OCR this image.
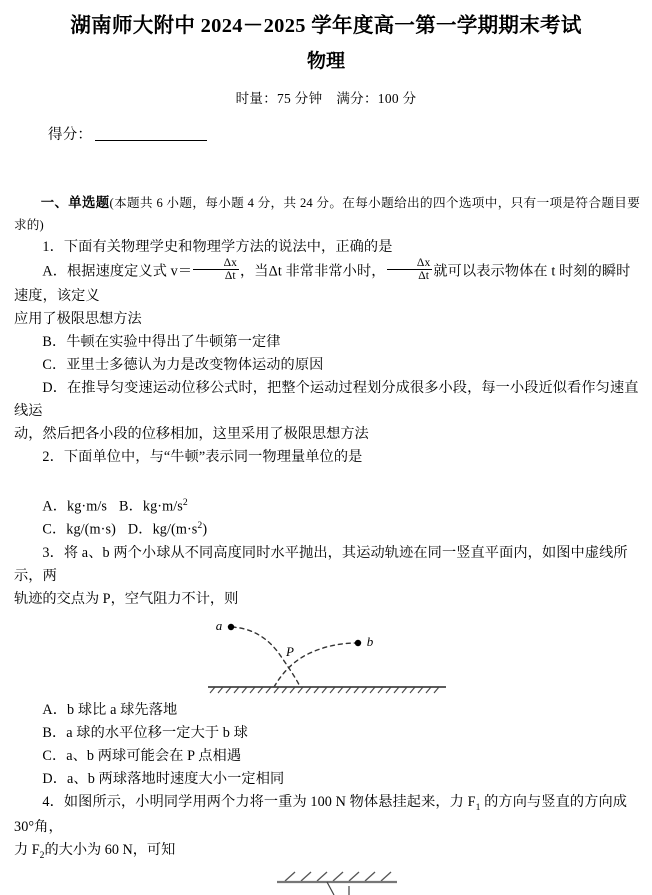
湖南师大附中 2024－2025 学年度高一第一学期期末考试
物理
时量：75 分钟 满分：100 分
得分：

一、单选题(本题共 6 小题，每小题 4 分，共 24 分。在每小题给出的四个选项中，只有一项是符合题目要求的)

1．下面有关物理学史和物理学方法的说法中，正确的是

A．根据速度定义式 $v= \frac{\Delta x}{\Delta t}$ ，当Δt 非常非常小时， $\frac{\Delta x}{\Delta t}$ 就可以表示物体在 t 时刻的瞬时速度，该定义

应用了极限思想方法

B．牛顿在实验中得出了牛顿第一定律

C．亚里士多德认为力是改变物体运动的原因

D．在推导匀变速运动位移公式时，把整个运动过程划分成很多小段，每一小段近似看作匀速直线运

动，然后把各小段的位移相加，这里采用了极限思想方法

2．下面单位中，与“牛顿”表示同一物理量单位的是

A．kg·m/s B．$kg\cdot m/s^2$

C．kg/(m·s) D．$kg/(m\cdot s^2)$

3．将 a、b 两个小球从不同高度同时水平抛出，其运动轨迹在同一竖直平面内，如图中虚线所示，两

轨迹的交点为 P，空气阻力不计，则

a
b
P

A．b 球比 a 球先落地

B．a 球的水平位移一定大于 b 球

C．a、b 两球可能会在 P 点相遇

D．a、b 两球落地时速度大小一定相同

4．如图所示，小明同学用两个力将一重为 100 N 物体悬挂起来，力 $F_1$ 的方向与竖直的方向成 30°角，

力 $F_2$的大小为 60 N，可知
